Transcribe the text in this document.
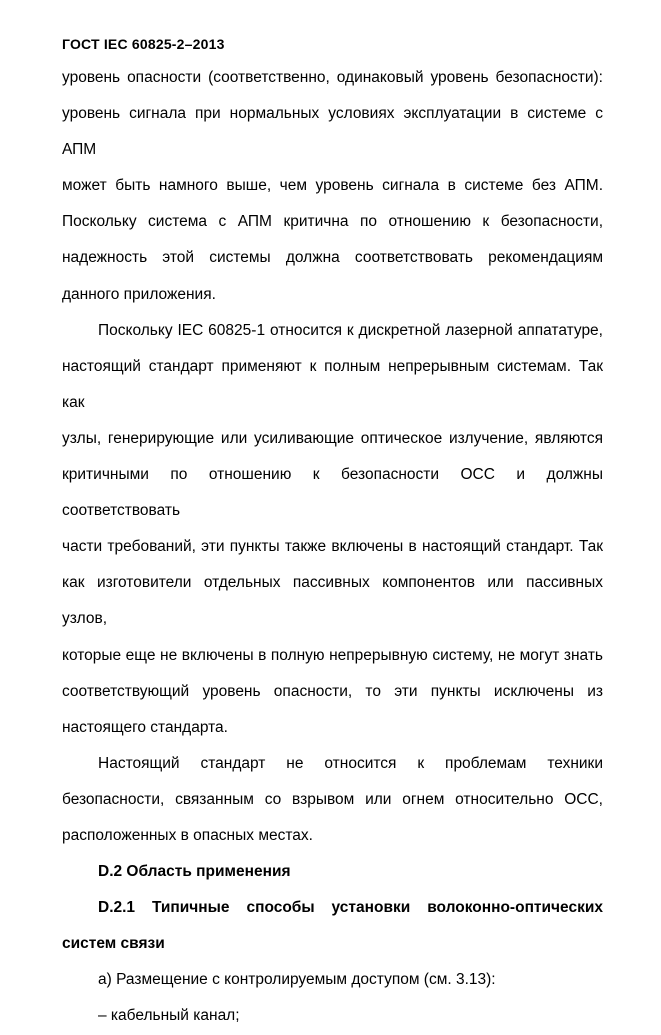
ГОСТ IEC 60825-2–2013
уровень опасности (соответственно, одинаковый уровень безопасности):
уровень сигнала при нормальных условиях эксплуатации в системе с АПМ
может быть намного выше, чем уровень сигнала в системе без АПМ.
Поскольку система с АПМ критична по отношению к безопасности,
надежность этой системы должна соответствовать рекомендациям
данного приложения.
Поскольку IEC 60825-1 относится к дискретной лазерной аппататуре,
настоящий стандарт применяют к полным непрерывным системам. Так как
узлы, генерирующие или усиливающие оптическое излучение, являются
критичными по отношению к безопасности ОСС и должны соответствовать
части требований, эти пункты также включены в настоящий стандарт. Так
как изготовители отдельных пассивных компонентов или пассивных узлов,
которые еще не включены в полную непрерывную систему, не могут знать
соответствующий уровень опасности, то эти пункты исключены из
настоящего стандарта.
Настоящий стандарт не относится к проблемам техники
безопасности, связанным со взрывом или огнем относительно ОСС,
расположенных в опасных местах.
D.2 Область применения
D.2.1 Типичные способы установки волоконно-оптических
систем связи
а) Размещение с контролируемым доступом (см. 3.13):
– кабельный канал;
